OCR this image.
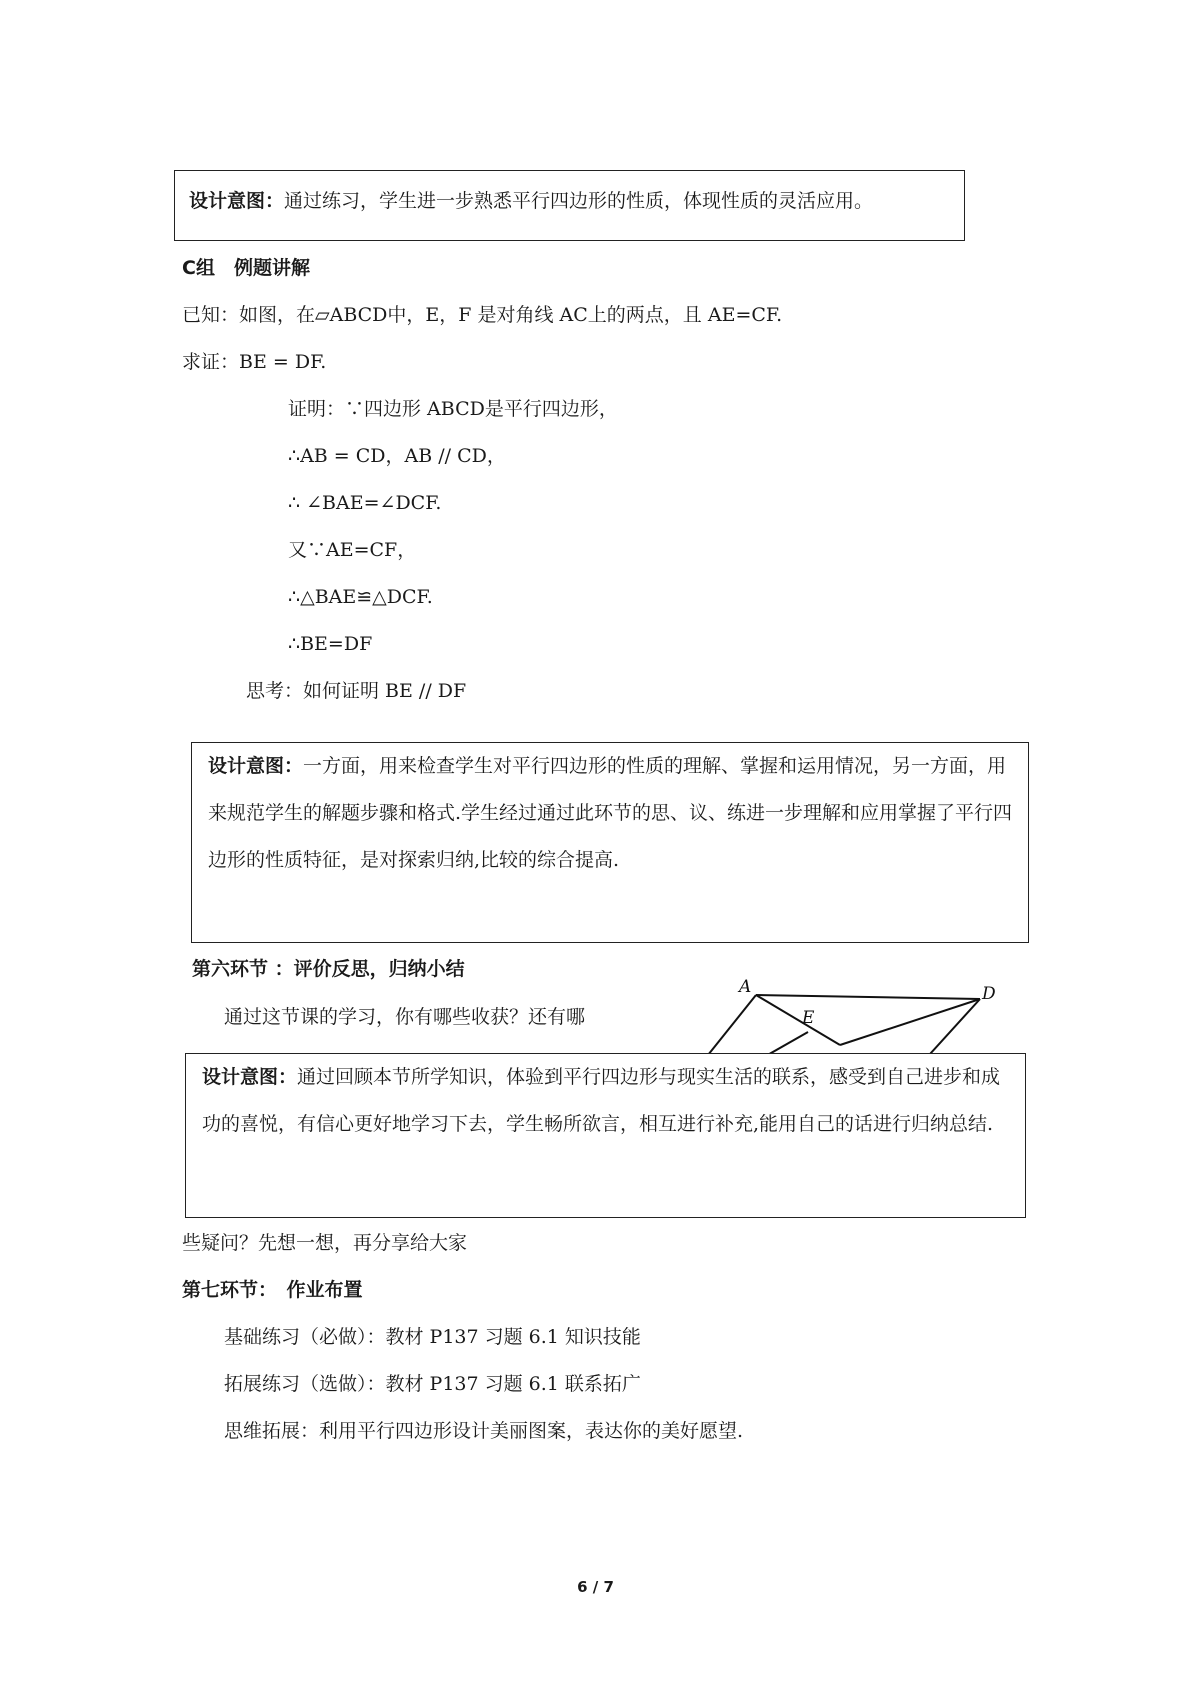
设计意图：通过练习，学生进一步熟悉平行四边形的性质，体现性质的灵活应用。
C组　例题讲解
已知：如图，在▱ABCD中，E，F 是对角线 AC上的两点，且 AE=CF.
求证：BE = DF.
证明：∵四边形 ABCD是平行四边形，
∴AB = CD，AB // CD，
∴ ∠BAE=∠DCF.
又∵AE=CF，
∴△BAE≌△DCF.
∴BE=DF
思考：如何证明 BE // DF
设计意图：一方面，用来检查学生对平行四边形的性质的理解、掌握和运用情况，另一方面，用来规范学生的解题步骤和格式.学生经过通过此环节的思、议、练进一步理解和应用掌握了平行四边形的性质特征，是对探索归纳,比较的综合提高.
第六环节 ：评价反思，归纳小结
通过这节课的学习，你有哪些收获？还有哪
A	D
E
设计意图：通过回顾本节所学知识，体验到平行四边形与现实生活的联系，感受到自己进步和成功的喜悦，有信心更好地学习下去，学生畅所欲言，相互进行补充,能用自己的话进行归纳总结.
些疑问？先想一想，再分享给大家
第七环节：　作业布置
基础练习（必做）：教材 P137 习题 6.1 知识技能
拓展练习（选做）：教材 P137 习题 6.1 联系拓广
思维拓展：利用平行四边形设计美丽图案，表达你的美好愿望.
6 / 7
